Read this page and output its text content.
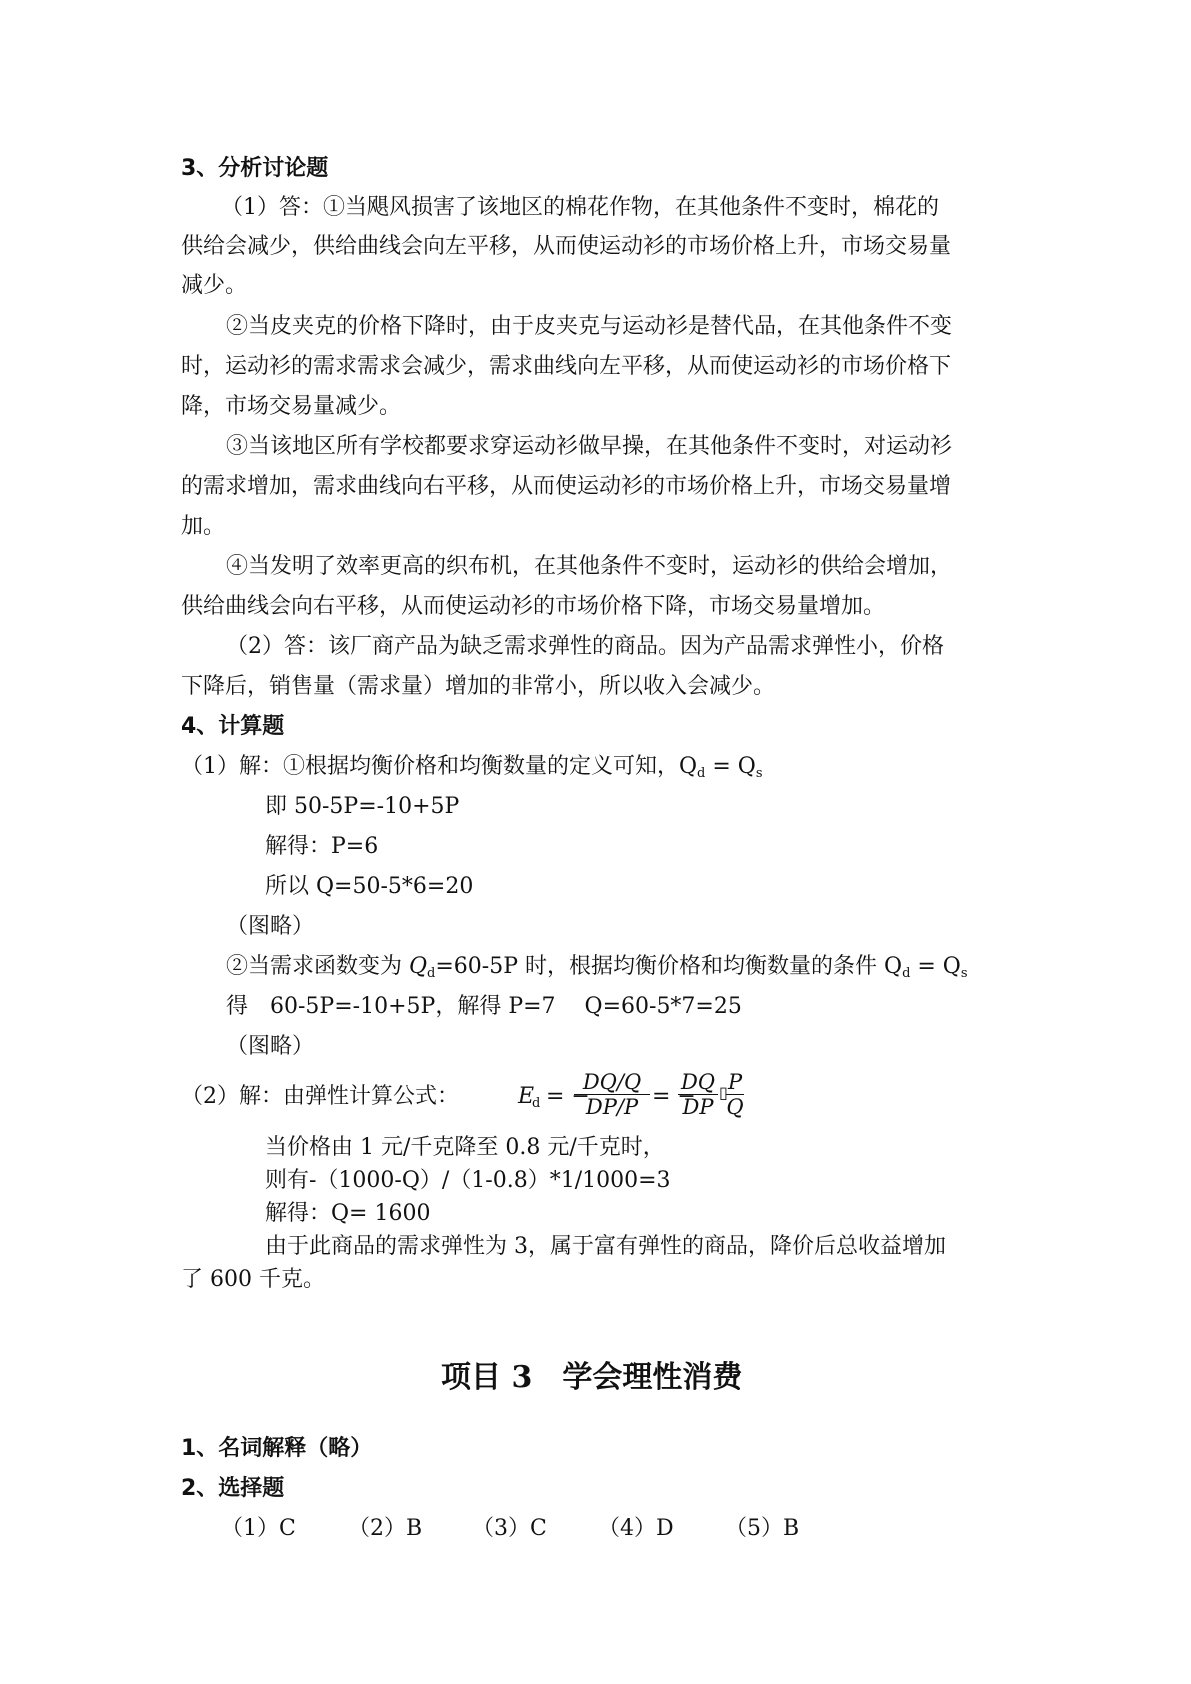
3、分析讨论题
（1）答：①当飓风损害了该地区的棉花作物，在其他条件不变时，棉花的
供给会减少，供给曲线会向左平移，从而使运动衫的市场价格上升，市场交易量
减少。
②当皮夹克的价格下降时，由于皮夹克与运动衫是替代品，在其他条件不变
时，运动衫的需求需求会减少，需求曲线向左平移，从而使运动衫的市场价格下
降，市场交易量减少。
③当该地区所有学校都要求穿运动衫做早操，在其他条件不变时，对运动衫
的需求增加，需求曲线向右平移，从而使运动衫的市场价格上升，市场交易量增
加。
④当发明了效率更高的织布机，在其他条件不变时，运动衫的供给会增加，
供给曲线会向右平移，从而使运动衫的市场价格下降，市场交易量增加。
（2）答：该厂商产品为缺乏需求弹性的商品。因为产品需求弹性小，价格
下降后，销售量（需求量）增加的非常小，所以收入会减少。
4、计算题
（1）解：①根据均衡价格和均衡数量的定义可知，$Q_d = Q_s$
即 50-5P=-10+5P
解得：P=6
所以 Q=50-5*6=20
（图略）
②当需求函数变为 $Q_d=60-5P$ 时，根据均衡价格和均衡数量的条件 $Q_d = Q_s$
得　60-5P=-10+5P，解得 P=7　 Q=60-5*7=25
（图略）
（2）解：由弹性计算公式：	E
d = −
$\frac{DQ/Q}{DP/P}$ = −
$\frac{DQ}{DP}$ ▯
$\frac{P}{Q}$
当价格由 1 元/千克降至 0.8 元/千克时，
则有-（1000-Q）/（1-0.8）*1/1000=3
解得：Q= 1600
由于此商品的需求弹性为 3，属于富有弹性的商品，降价后总收益增加
了 600 千克。
项目 3　学会理性消费
1、名词解释（略）
2、选择题
（1）C （2）B （3）C （4）D （5）B
